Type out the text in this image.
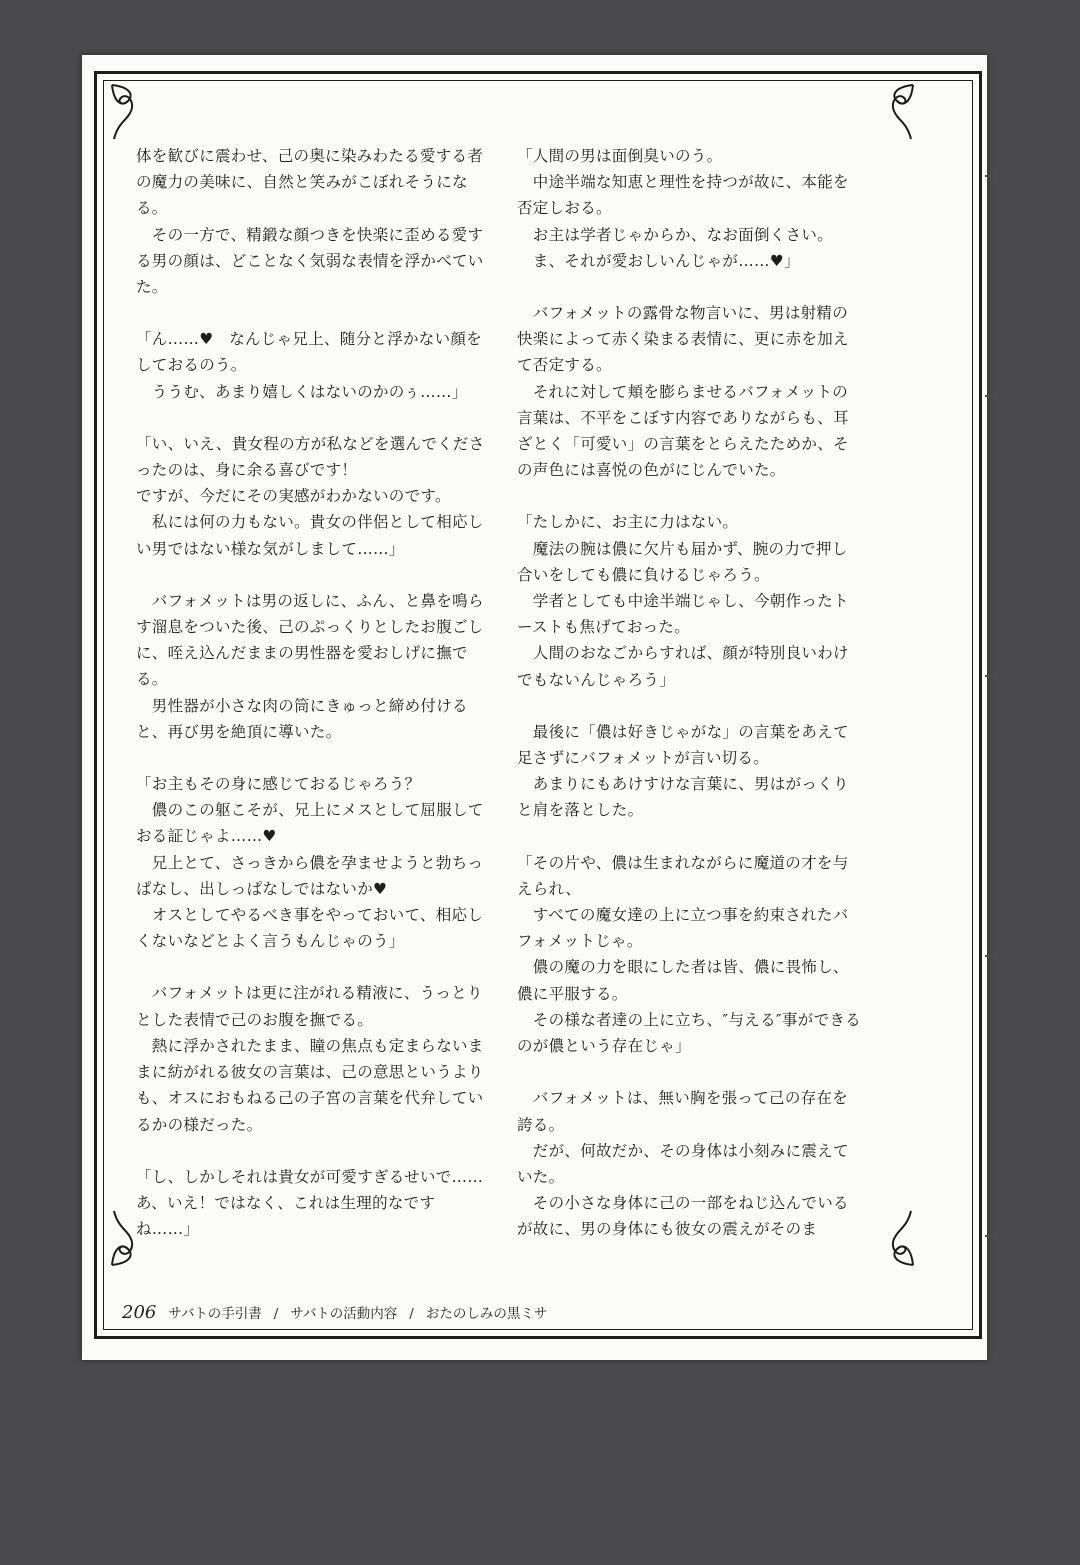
体を歓びに震わせ、己の奥に染みわたる愛する者の魔力の美味に、自然と笑みがこぼれそうになる。
　その一方で、精鍛な顔つきを快楽に歪める愛する男の顔は、どことなく気弱な表情を浮かべていた。

「ん……♥　なんじゃ兄上、随分と浮かない顔をしておるのう。
　ううむ、あまり嬉しくはないのかのぅ……」

「い、いえ、貴女程の方が私などを選んでくださったのは、身に余る喜びです！
ですが、今だにその実感がわかないのです。
　私には何の力もない。貴女の伴侶として相応しい男ではない様な気がしまして……」

　バフォメットは男の返しに、ふん、と鼻を鳴らす溜息をついた後、己のぷっくりとしたお腹ごしに、咥え込んだままの男性器を愛おしげに撫でる。
　男性器が小さな肉の筒にきゅっと締め付けると、再び男を絶頂に導いた。

「お主もその身に感じておるじゃろう？
　儂のこの躯こそが、兄上にメスとして屈服しておる証じゃよ……♥
　兄上とて、さっきから儂を孕ませようと勃ちっぱなし、出しっぱなしではないか♥
　オスとしてやるべき事をやっておいて、相応しくないなどとよく言うもんじゃのう」

　バフォメットは更に注がれる精液に、うっとりとした表情で己のお腹を撫でる。
　熱に浮かされたまま、瞳の焦点も定まらないままに紡がれる彼女の言葉は、己の意思というよりも、オスにおもねる己の子宮の言葉を代弁しているかの様だった。

「し、しかしそれは貴女が可愛すぎるせいで……あ、いえ！ではなく、これは生理的なですね……」

「人間の男は面倒臭いのう。
　中途半端な知恵と理性を持つが故に、本能を否定しおる。
　お主は学者じゃからか、なお面倒くさい。
　ま、それが愛おしいんじゃが……♥」

　バフォメットの露骨な物言いに、男は射精の快楽によって赤く染まる表情に、更に赤を加えて否定する。
　それに対して頬を膨らませるバフォメットの言葉は、不平をこぼす内容でありながらも、耳ざとく「可愛い」の言葉をとらえたためか、その声色には喜悦の色がにじんでいた。

「たしかに、お主に力はない。
　魔法の腕は儂に欠片も届かず、腕の力で押し合いをしても儂に負けるじゃろう。
　学者としても中途半端じゃし、今朝作ったトーストも焦げておった。
　人間のおなごからすれば、顔が特別良いわけでもないんじゃろう」

　最後に「儂は好きじゃがな」の言葉をあえて足さずにバフォメットが言い切る。
　あまりにもあけすけな言葉に、男はがっくりと肩を落とした。

「その片や、儂は生まれながらに魔道の才を与えられ、
　すべての魔女達の上に立つ事を約束されたバフォメットじゃ。
　儂の魔の力を眼にした者は皆、儂に畏怖し、儂に平服する。
　その様な者達の上に立ち、″与える″事ができるのが儂という存在じゃ」

　バフォメットは、無い胸を張って己の存在を誇る。
　だが、何故だか、その身体は小刻みに震えていた。
　その小さな身体に己の一部をねじ込んでいるが故に、男の身体にも彼女の震えがそのま

206 サバトの手引書 / サバトの活動内容 / おたのしみの黒ミサ
